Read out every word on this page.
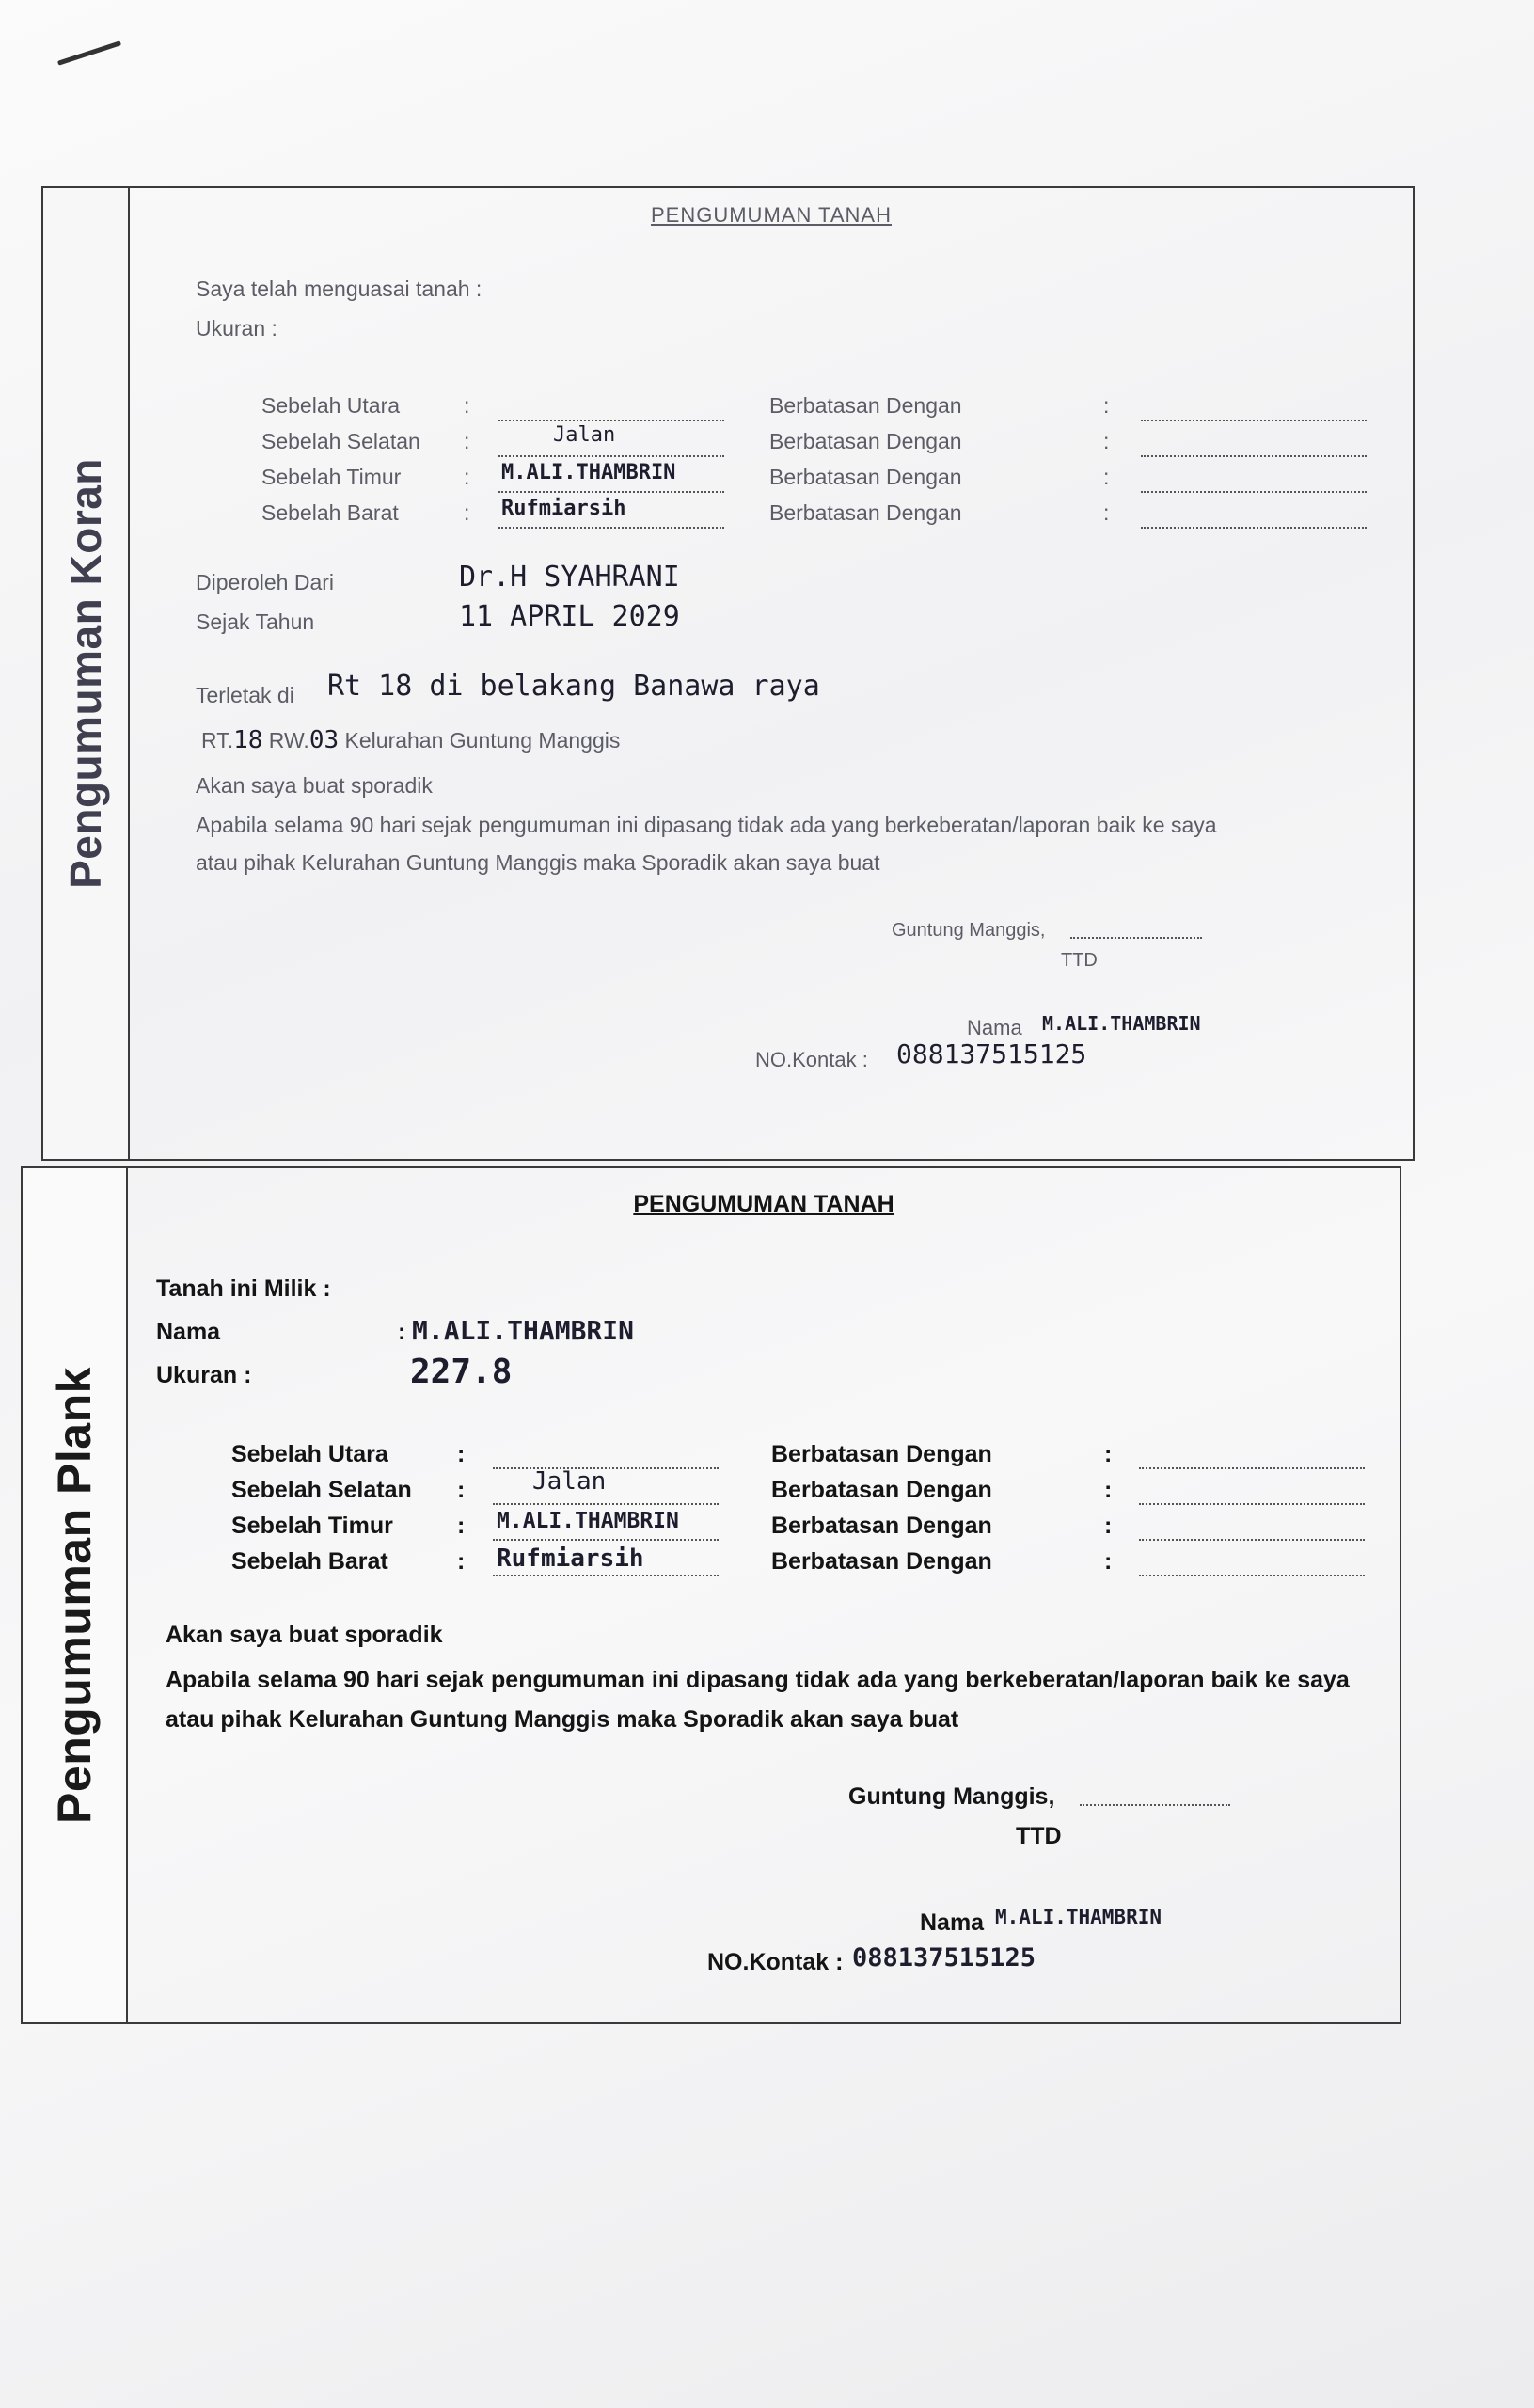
Pengumuman Koran
PENGUMUMAN TANAH
Saya telah menguasai tanah :
Ukuran :
Sebelah Utara	:	Berbatasan Dengan	:
Sebelah Selatan :	Jalan	Berbatasan Dengan	:
Sebelah Timur	: M.ALI.THAMBRIN	Berbatasan Dengan	:
Sebelah Barat	: Rufmiarsih	Berbatasan Dengan	:
Diperoleh Dari	Dr.H SYAHRANI
Sejak Tahun	11 APRIL 2029
Terletak di Rt 18 di belakang Banawa raya
RT.18 RW.03 Kelurahan Guntung Manggis
Akan saya buat sporadik
Apabila selama 90 hari sejak pengumuman ini dipasang tidak ada yang berkeberatan/laporan baik ke saya
atau pihak Kelurahan Guntung Manggis maka Sporadik akan saya buat
Guntung Manggis,
TTD
Nama M.ALI.THAMBRIN
NO.Kontak : 088137515125
Pengumuman Plank
PENGUMUMAN TANAH
Tanah ini Milik :
Nama	: M.ALI.THAMBRIN
Ukuran :	227.8
Sebelah Utara	:	Berbatasan Dengan	:
Sebelah Selatan :	Jalan	Berbatasan Dengan	:
Sebelah Timur	: M.ALI.THAMBRIN	Berbatasan Dengan	:
Sebelah Barat	: Rufmiarsih	Berbatasan Dengan	:
Akan saya buat sporadik
Apabila selama 90 hari sejak pengumuman ini dipasang tidak ada yang berkeberatan/laporan baik ke saya
atau pihak Kelurahan Guntung Manggis maka Sporadik akan saya buat
Guntung Manggis,
TTD
Nama M.ALI.THAMBRIN
NO.Kontak : 088137515125
